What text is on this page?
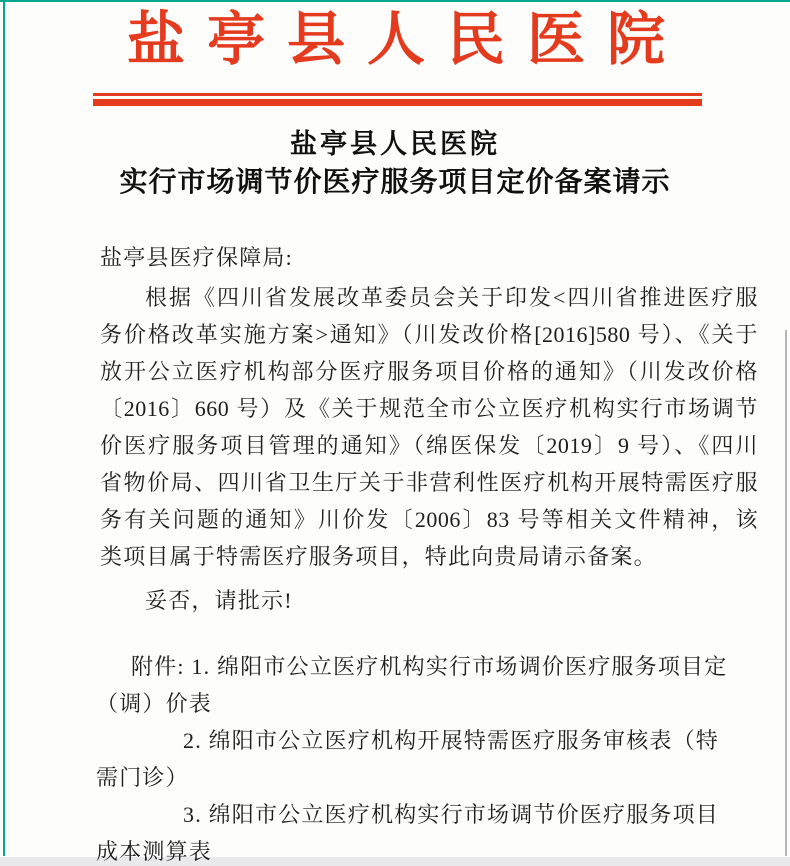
盐亭县人民医院
盐亭县人民医院
实行市场调节价医疗服务项目定价备案请示
盐亭县医疗保障局:
根据《四川省发展改革委员会关于印发<四川省推进医疗服
务价格改革实施方案>通知》（川发改价格[2016]580 号）、《关于
放开公立医疗机构部分医疗服务项目价格的通知》（川发改价格
〔2016〕660 号）及《关于规范全市公立医疗机构实行市场调节
价医疗服务项目管理的通知》（绵医保发〔2019〕9 号）、《四川
省物价局、四川省卫生厅关于非营利性医疗机构开展特需医疗服
务有关问题的通知》川价发〔2006〕83 号等相关文件精神，该
类项目属于特需医疗服务项目，特此向贵局请示备案。
妥否，请批示!
附件: 1. 绵阳市公立医疗机构实行市场调价医疗服务项目定
（调）价表
2. 绵阳市公立医疗机构开展特需医疗服务审核表（特
需门诊）
3. 绵阳市公立医疗机构实行市场调节价医疗服务项目
成本测算表
